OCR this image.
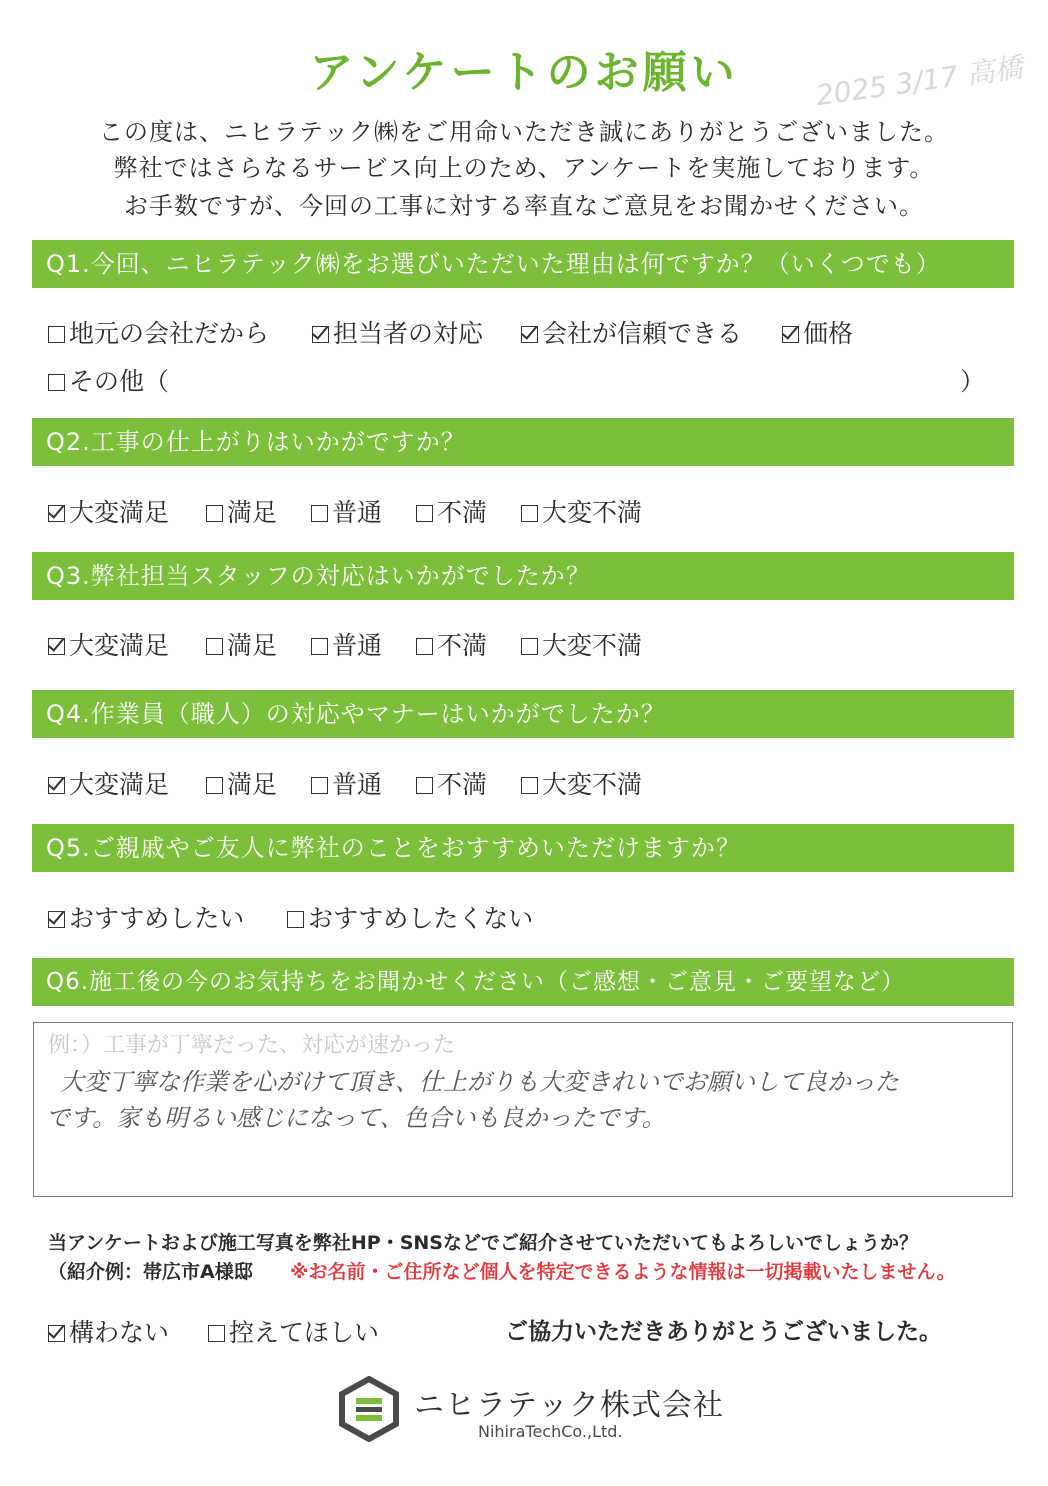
2025 3/17 高橋
アンケートのお願い
この度は、ニヒラテック㈱をご用命いただき誠にありがとうございました。
弊社ではさらなるサービス向上のため、アンケートを実施しております。
お手数ですが、今回の工事に対する率直なご意見をお聞かせください。
Q1.今回、ニヒラテック㈱をお選びいただいた理由は何ですか？（いくつでも）
地元の会社だから	担当者の対応	会社が信頼できる	価格
その他（	）
Q2.工事の仕上がりはいかがですか？
大変満足	満足	普通	不満	大変不満
Q3.弊社担当スタッフの対応はいかがでしたか？
大変満足	満足	普通	不満	大変不満
Q4.作業員（職人）の対応やマナーはいかがでしたか？
大変満足	満足	普通	不満	大変不満
Q5.ご親戚やご友人に弊社のことをおすすめいただけますか？
おすすめしたい	おすすめしたくない
Q6.施工後の今のお気持ちをお聞かせください（ご感想・ご意見・ご要望など）
例：）工事が丁寧だった、対応が速かった
大変丁寧な作業を心がけて頂き、仕上がりも大変きれいでお願いして良かった
です。家も明るい感じになって、色合いも良かったです。
当アンケートおよび施工写真を弊社HP・SNSなどでご紹介させていただいてもよろしいでしょうか？
（紹介例：帯広市A様邸 ※お名前・ご住所など個人を特定できるような情報は一切掲載いたしません。
構わない	控えてほしい	ご協力いただきありがとうございました。
ニヒラテック株式会社
NihiraTechCo.,Ltd.
